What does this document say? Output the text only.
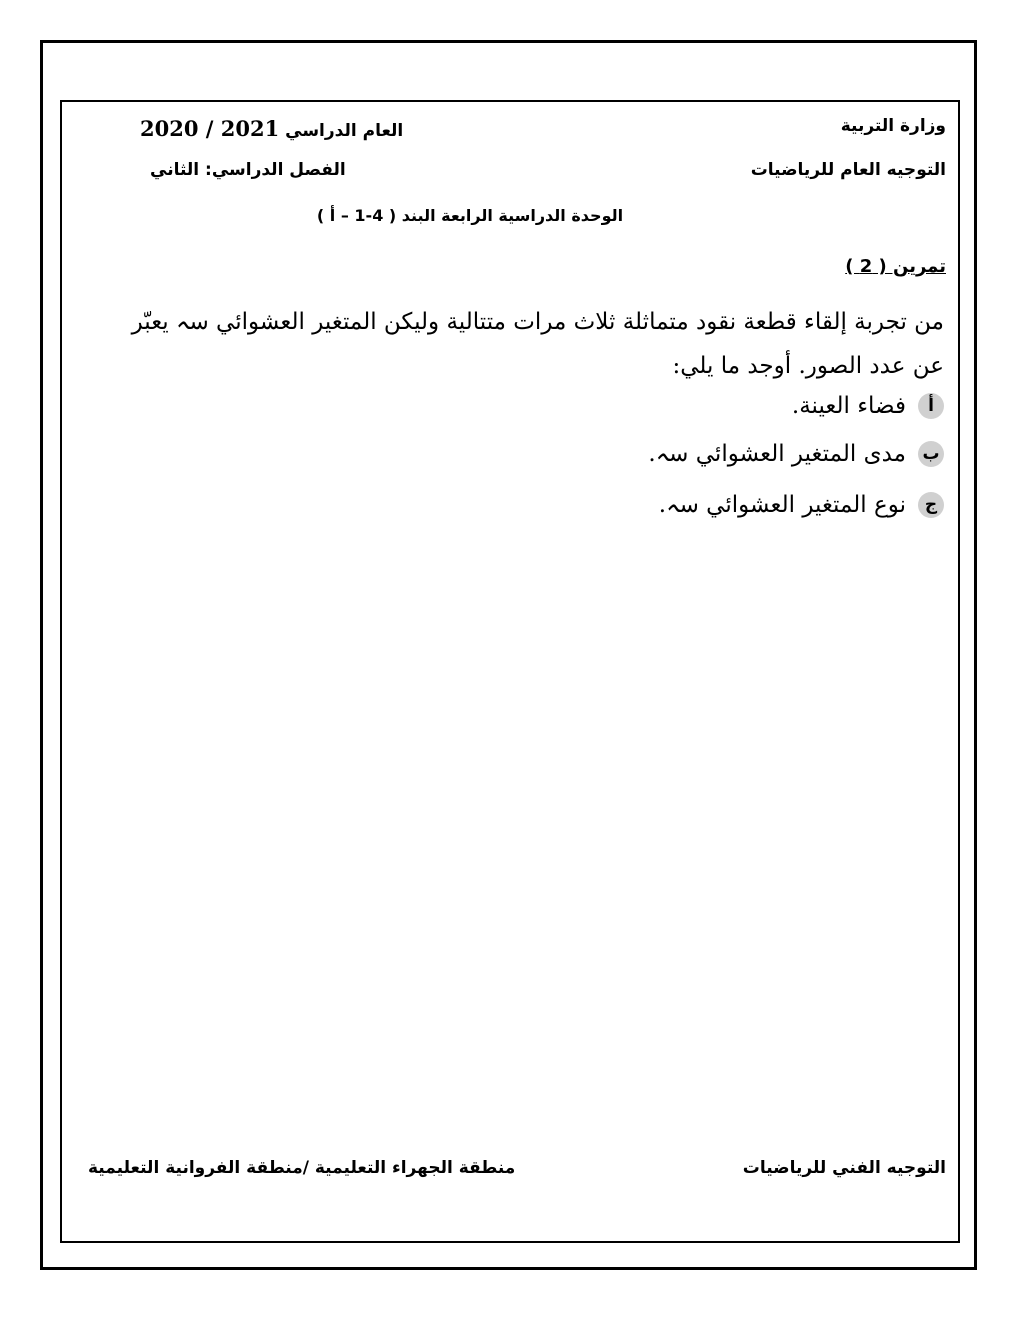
وزارة التربية
التوجيه العام للرياضيات
العام الدراسي 2021 / 2020
الفصل الدراسي: الثاني
الوحدة الدراسية الرابعة البند ( 4-1 – أ )
تمرين ( 2 )

من تجربة إلقاء قطعة نقود متماثلة ثلاث مرات متتالية وليكن المتغير العشوائي سہ يعبّر

عن عدد الصور. أوجد ما يلي:

أ
فضاء العينة.
ب
مدى المتغير العشوائي سہ.
ج
نوع المتغير العشوائي سہ.
التوجيه الفني للرياضيات
منطقة الجهراء التعليمية /منطقة الفروانية التعليمية
